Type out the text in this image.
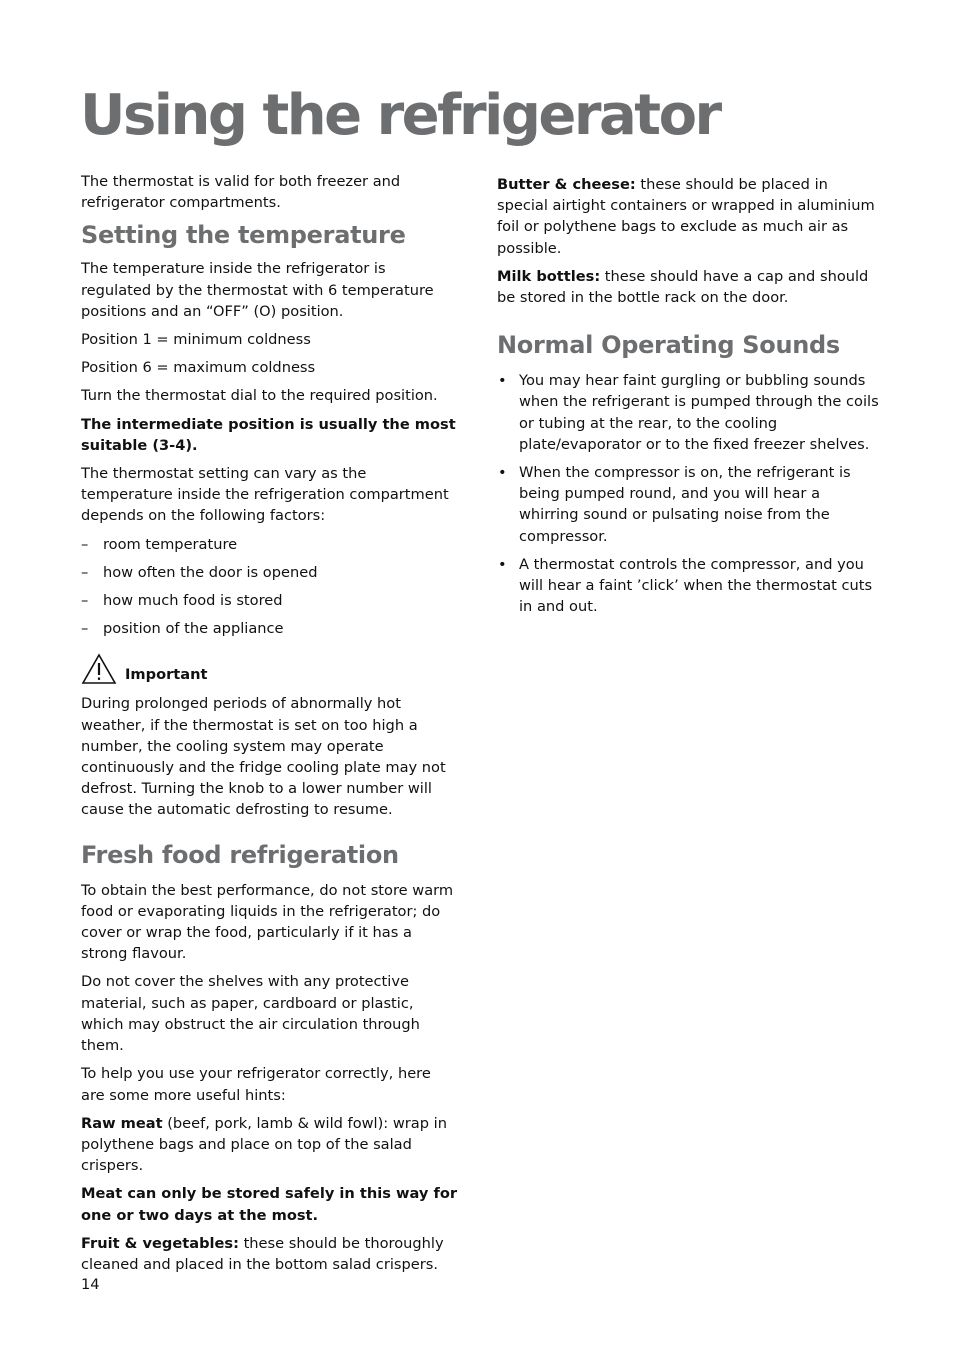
Using the refrigerator

The thermostat is valid for both freezer and refrigerator compartments.

Setting the temperature

The temperature inside the refrigerator is regulated by the thermostat with 6 temperature positions and an “OFF” (O) position.

Position 1 = minimum coldness

Position 6 = maximum coldness

Turn the thermostat dial to the required position.

The intermediate position is usually the most suitable (3-4).

The thermostat setting can vary as the temperature inside the refrigeration compartment depends on the following factors:

– room temperature
– how often the door is opened
– how much food is stored
– position of the appliance
Important

During prolonged periods of abnormally hot weather, if the thermostat is set on too high a number, the cooling system may operate continuously and the fridge cooling plate may not defrost. Turning the knob to a lower number will cause the automatic defrosting to resume.

Fresh food refrigeration

To obtain the best performance, do not store warm food or evaporating liquids in the refrigerator; do cover or wrap the food, particularly if it has a strong flavour.

Do not cover the shelves with any protective material, such as paper, cardboard or plastic, which may obstruct the air circulation through them.

To help you use your refrigerator correctly, here are some more useful hints:

Raw meat (beef, pork, lamb & wild fowl): wrap in polythene bags and place on top of the salad crispers.

Meat can only be stored safely in this way for one or two days at the most.

Fruit & vegetables: these should be thoroughly cleaned and placed in the bottom salad crispers.

Butter & cheese: these should be placed in special airtight containers or wrapped in aluminium foil or polythene bags to exclude as much air as possible.

Milk bottles: these should have a cap and should be stored in the bottle rack on the door.

Normal Operating Sounds
• You may hear faint gurgling or bubbling sounds when the refrigerant is pumped through the coils or tubing at the rear, to the cooling plate/evaporator or to the fixed freezer shelves.
• When the compressor is on, the refrigerant is being pumped round, and you will hear a whirring sound or pulsating noise from the compressor.
• A thermostat controls the compressor, and you will hear a faint ’click’ when the thermostat cuts in and out.
14
